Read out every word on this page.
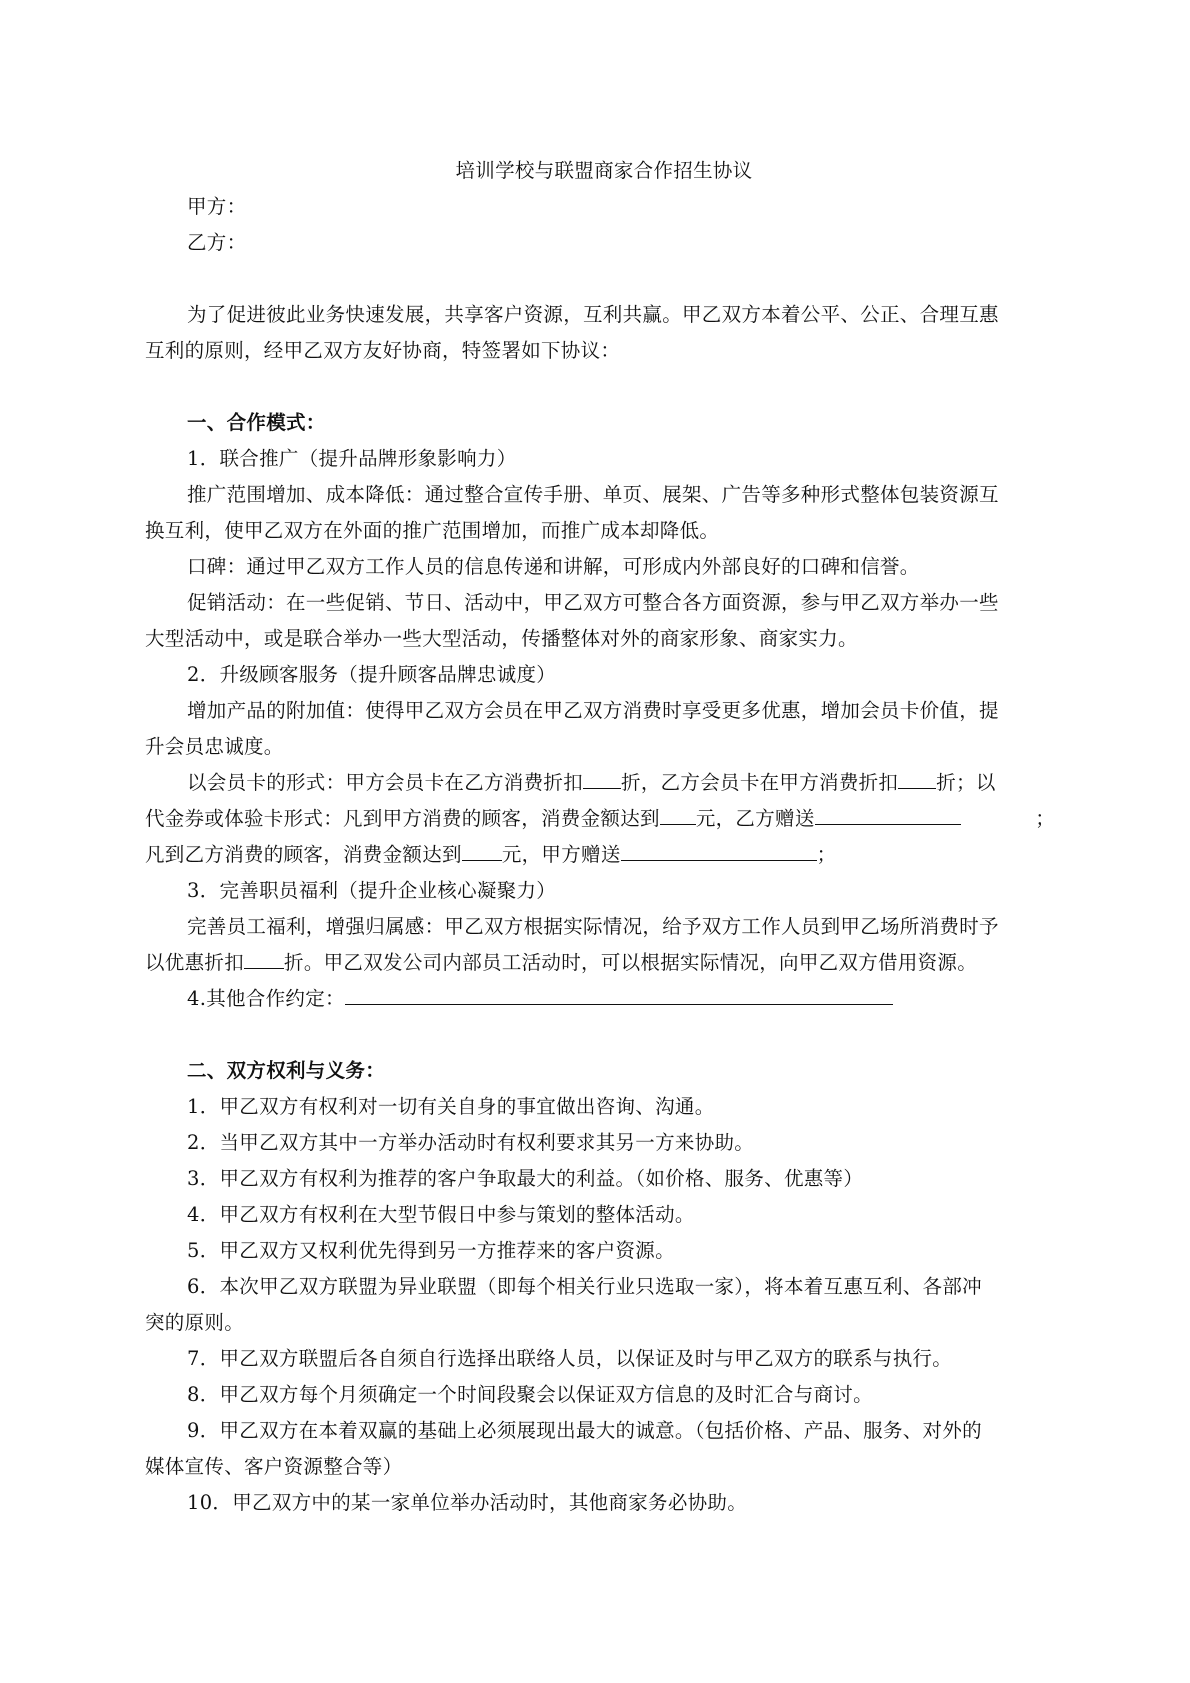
培训学校与联盟商家合作招生协议
甲方：
乙方：
为了促进彼此业务快速发展，共享客户资源，互利共赢。甲乙双方本着公平、公正、合理互惠
互利的原则，经甲乙双方友好协商，特签署如下协议：
一、合作模式：
1．联合推广（提升品牌形象影响力）
推广范围增加、成本降低：通过整合宣传手册、单页、展架、广告等多种形式整体包装资源互
换互利，使甲乙双方在外面的推广范围增加，而推广成本却降低。
口碑：通过甲乙双方工作人员的信息传递和讲解，可形成内外部良好的口碑和信誉。
促销活动：在一些促销、节日、活动中，甲乙双方可整合各方面资源，参与甲乙双方举办一些
大型活动中，或是联合举办一些大型活动，传播整体对外的商家形象、商家实力。
2．升级顾客服务（提升顾客品牌忠诚度）
增加产品的附加值：使得甲乙双方会员在甲乙双方消费时享受更多优惠，增加会员卡价值，提
升会员忠诚度。
以会员卡的形式：甲方会员卡在乙方消费折扣 折，乙方会员卡在甲方消费折扣 折；以
代金券或体验卡形式：凡到甲方消费的顾客，消费金额达到 元，乙方赠送	；
凡到乙方消费的顾客，消费金额达到 元，甲方赠送	；
3．完善职员福利（提升企业核心凝聚力）
完善员工福利，增强归属感：甲乙双方根据实际情况，给予双方工作人员到甲乙场所消费时予
以优惠折扣 折。甲乙双发公司内部员工活动时，可以根据实际情况，向甲乙双方借用资源。
4.其他合作约定：
二、双方权利与义务：
1．甲乙双方有权利对一切有关自身的事宜做出咨询、沟通。
2．当甲乙双方其中一方举办活动时有权利要求其另一方来协助。
3．甲乙双方有权利为推荐的客户争取最大的利益。（如价格、服务、优惠等）
4．甲乙双方有权利在大型节假日中参与策划的整体活动。
5．甲乙双方又权利优先得到另一方推荐来的客户资源。
6．本次甲乙双方联盟为异业联盟（即每个相关行业只选取一家），将本着互惠互利、各部冲
突的原则。
7．甲乙双方联盟后各自须自行选择出联络人员，以保证及时与甲乙双方的联系与执行。
8．甲乙双方每个月须确定一个时间段聚会以保证双方信息的及时汇合与商讨。
9．甲乙双方在本着双赢的基础上必须展现出最大的诚意。（包括价格、产品、服务、对外的
媒体宣传、客户资源整合等）
10．甲乙双方中的某一家单位举办活动时，其他商家务必协助。
